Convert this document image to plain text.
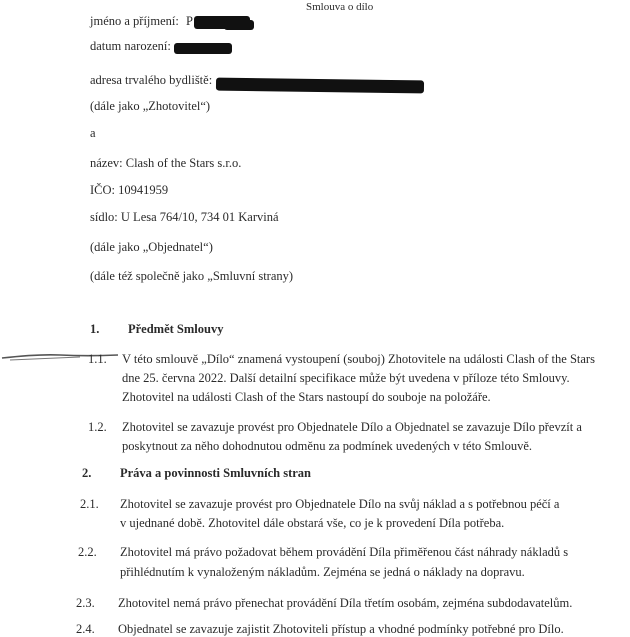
Smlouva o dílo
jméno a příjmení: P
datum narození:
adresa trvalého bydliště:
(dále jako „Zhotovitel“)
a
název: Clash of the Stars s.r.o.
IČO: 10941959
sídlo: U Lesa 764/10, 734 01 Karviná
(dále jako „Objednatel“)
(dále též společně jako „Smluvní strany)
1. Předmět Smlouvy
1.1. V této smlouvě „Dílo“ znamená vystoupení (souboj) Zhotovitele na události Clash of the Stars
dne 25. června 2022. Další detailní specifikace může být uvedena v příloze této Smlouvy.
Zhotovitel na události Clash of the Stars nastoupí do souboje na položáře.
1.2. Zhotovitel se zavazuje provést pro Objednatele Dílo a Objednatel se zavazuje Dílo převzít a
poskytnout za něho dohodnutou odměnu za podmínek uvedených v této Smlouvě.
2. Práva a povinnosti Smluvních stran
2.1. Zhotovitel se zavazuje provést pro Objednatele Dílo na svůj náklad a s potřebnou péčí a
v ujednané době. Zhotovitel dále obstará vše, co je k provedení Díla potřeba.
2.2. Zhotovitel má právo požadovat během provádění Díla přiměřenou část náhrady nákladů s
přihlédnutím k vynaloženým nákladům. Zejména se jedná o náklady na dopravu.
2.3. Zhotovitel nemá právo přenechat provádění Díla třetím osobám, zejména subdodavatelům.
2.4. Objednatel se zavazuje zajistit Zhotoviteli přístup a vhodné podmínky potřebné pro Dílo.
